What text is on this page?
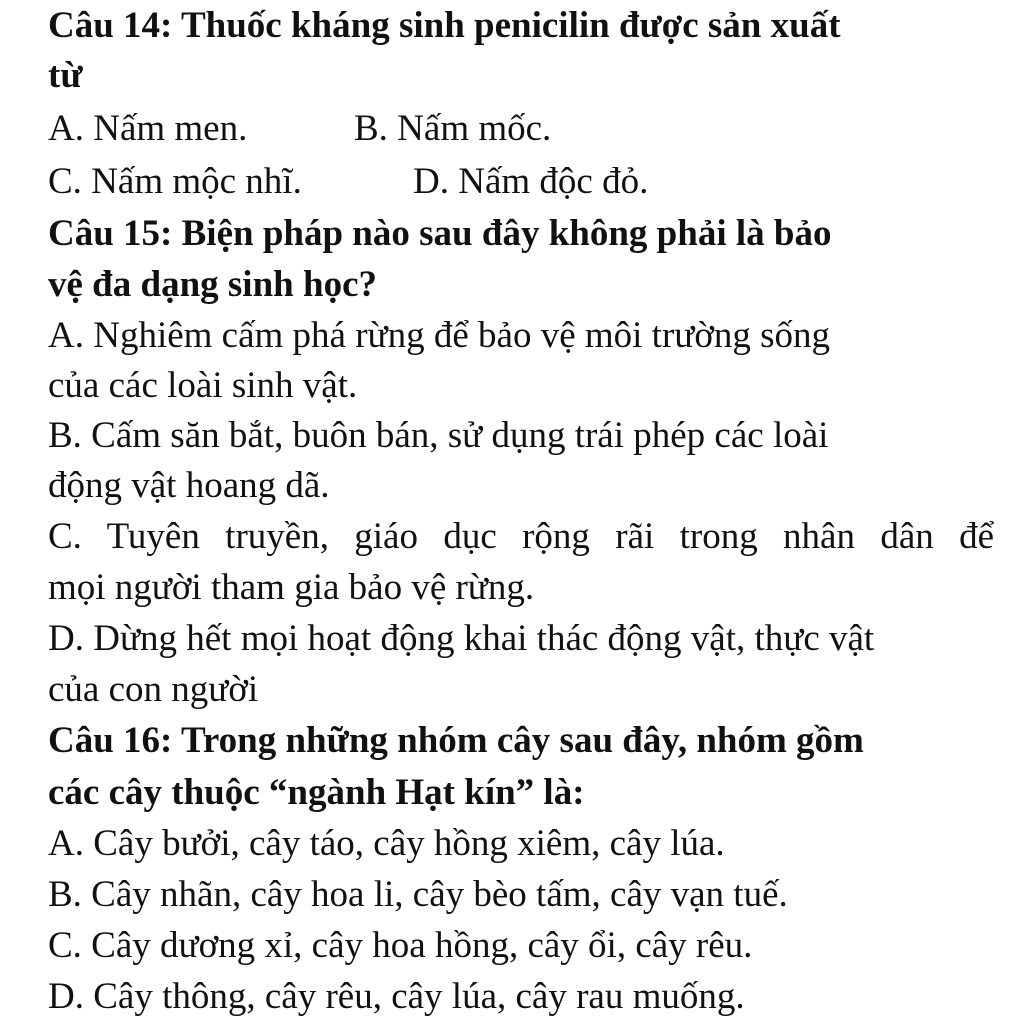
Câu 14: Thuốc kháng sinh penicilin được sản xuất
từ
A. Nấm men.	B. Nấm mốc.
C. Nấm mộc nhĩ.	D. Nấm độc đỏ.
Câu 15: Biện pháp nào sau đây không phải là bảo
vệ đa dạng sinh học?
A. Nghiêm cấm phá rừng để bảo vệ môi trường sống
của các loài sinh vật.
B. Cấm săn bắt, buôn bán, sử dụng trái phép các loài
động vật hoang dã.
C. Tuyên truyền, giáo dục rộng rãi trong nhân dân để
mọi người tham gia bảo vệ rừng.
D. Dừng hết mọi hoạt động khai thác động vật, thực vật
của con người
Câu 16: Trong những nhóm cây sau đây, nhóm gồm
các cây thuộc “ngành Hạt kín” là:
A. Cây bưởi, cây táo, cây hồng xiêm, cây lúa.
B. Cây nhãn, cây hoa li, cây bèo tấm, cây vạn tuế.
C. Cây dương xỉ, cây hoa hồng, cây ổi, cây rêu.
D. Cây thông, cây rêu, cây lúa, cây rau muống.
